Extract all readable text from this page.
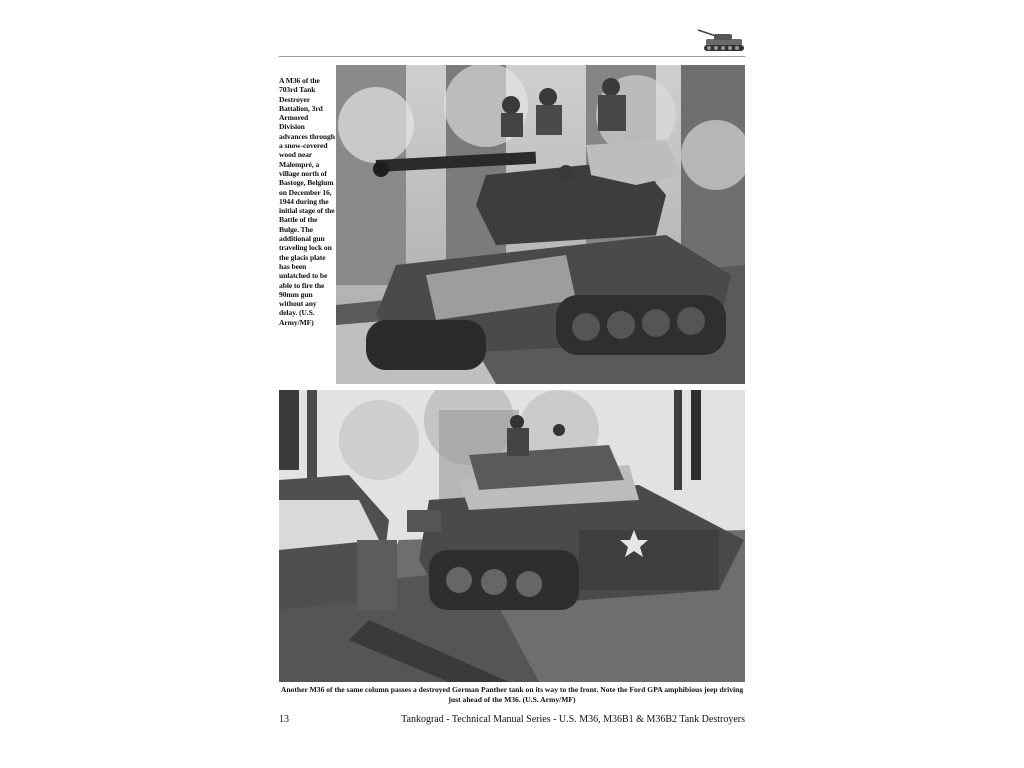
A M36 of the 703rd Tank Destroyer Battalion, 3rd Armored Division advances through a snow-covered wood near Malempré, a village north of Bastoge, Belgium on December 16, 1944 during the initial stage of the Battle of the Bulge. The additional gun traveling lock on the glacis plate has been unlatched to be able to fire the 90mm gun without any delay. (U.S. Army/MF)

Another M36 of the same column passes a destroyed German Panther tank on its way to the front. Note the Ford GPA amphibious jeep driving just ahead of the M36. (U.S. Army/MF)

13	Tankograd - Technical Manual Series - U.S. M36, M36B1 & M36B2 Tank Destroyers
